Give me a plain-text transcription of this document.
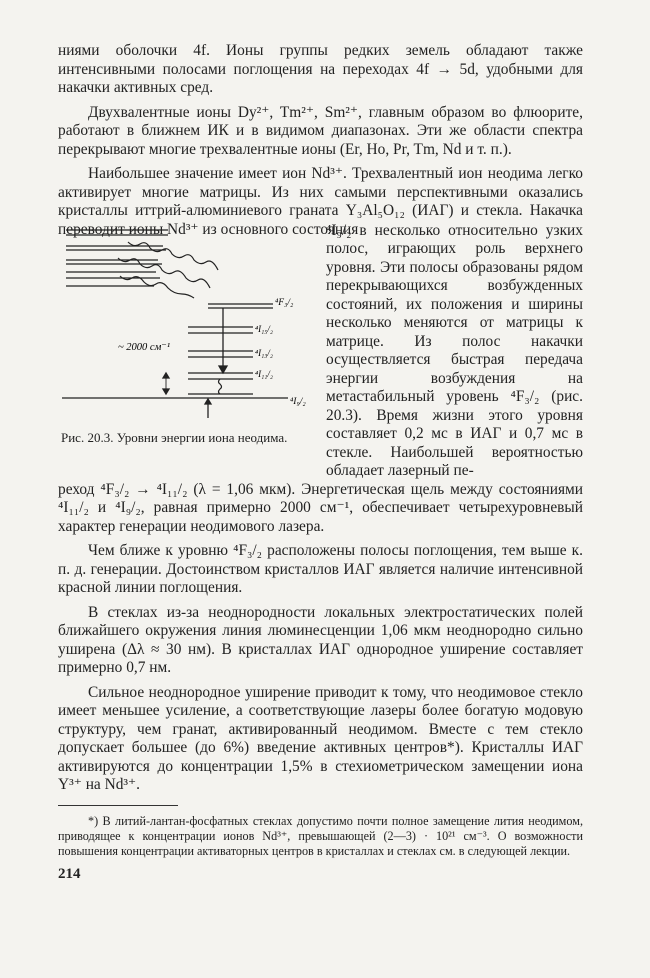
ниями оболочки 4f. Ионы группы редких земель обладают также интенсивными полосами поглощения на переходах 4f → 5d, удобными для накачки активных сред.

Двухвалентные ионы Dy²⁺, Tm²⁺, Sm²⁺, главным образом во флюорите, работают в ближнем ИК и в видимом диапазонах. Эти же области спектра перекрывают многие трехвалентные ионы (Er, Ho, Pr, Tm, Nd и т. п.).

Наибольшее значение имеет ион Nd³⁺. Трехвалентный ион неодима легко активирует многие матрицы. Из них самыми перспективными оказались кристаллы иттрий-алюминиевого граната Y₃Al₅O₁₂ (ИАГ) и стекла. Накачка переводит ионы Nd³⁺ из основного состояния

~ 2000 см⁻¹
⁴F₃/₂
⁴I₁₅/₂
⁴I₁₃/₂
⁴I₁₁/₂
⁴I₉/₂
Рис. 20.3. Уровни энергии иона неодима.

⁴I₉/₂ в несколько относительно узких полос, играющих роль верхнего уровня. Эти полосы образованы рядом перекрывающихся возбужденных состояний, их положения и ширины несколько меняются от матрицы к матрице. Из полос накачки осуществляется быстрая передача энергии возбуждения на метастабильный уровень ⁴F₃/₂ (рис. 20.3). Время жизни этого уровня составляет 0,2 мс в ИАГ и 0,7 мс в стекле. Наибольшей вероятностью обладает лазерный пе-

реход ⁴F₃/₂ → ⁴I₁₁/₂ (λ = 1,06 мкм). Энергетическая щель между состояниями ⁴I₁₁/₂ и ⁴I₉/₂, равная примерно 2000 см⁻¹, обеспечивает четырехуровневый характер генерации неодимового лазера.

Чем ближе к уровню ⁴F₃/₂ расположены полосы поглощения, тем выше к. п. д. генерации. Достоинством кристаллов ИАГ является наличие интенсивной красной линии поглощения.

В стеклах из-за неоднородности локальных электростатических полей ближайшего окружения линия люминесценции 1,06 мкм неоднородно сильно уширена (Δλ ≈ 30 нм). В кристаллах ИАГ однородное уширение составляет примерно 0,7 нм.

Сильное неоднородное уширение приводит к тому, что неодимовое стекло имеет меньшее усиление, а соответствующие лазеры более богатую модовую структуру, чем гранат, активированный неодимом. Вместе с тем стекло допускает большее (до 6%) введение активных центров*). Кристаллы ИАГ активируются до концентрации 1,5% в стехиометрическом замещении иона Y³⁺ на Nd³⁺.

*) В литий-лантан-фосфатных стеклах допустимо почти полное замещение лития неодимом, приводящее к концентрации ионов Nd³⁺, превышающей (2—3) · 10²¹ см⁻³. О возможности повышения концентрации активаторных центров в кристаллах и стеклах см. в следующей лекции.

214
